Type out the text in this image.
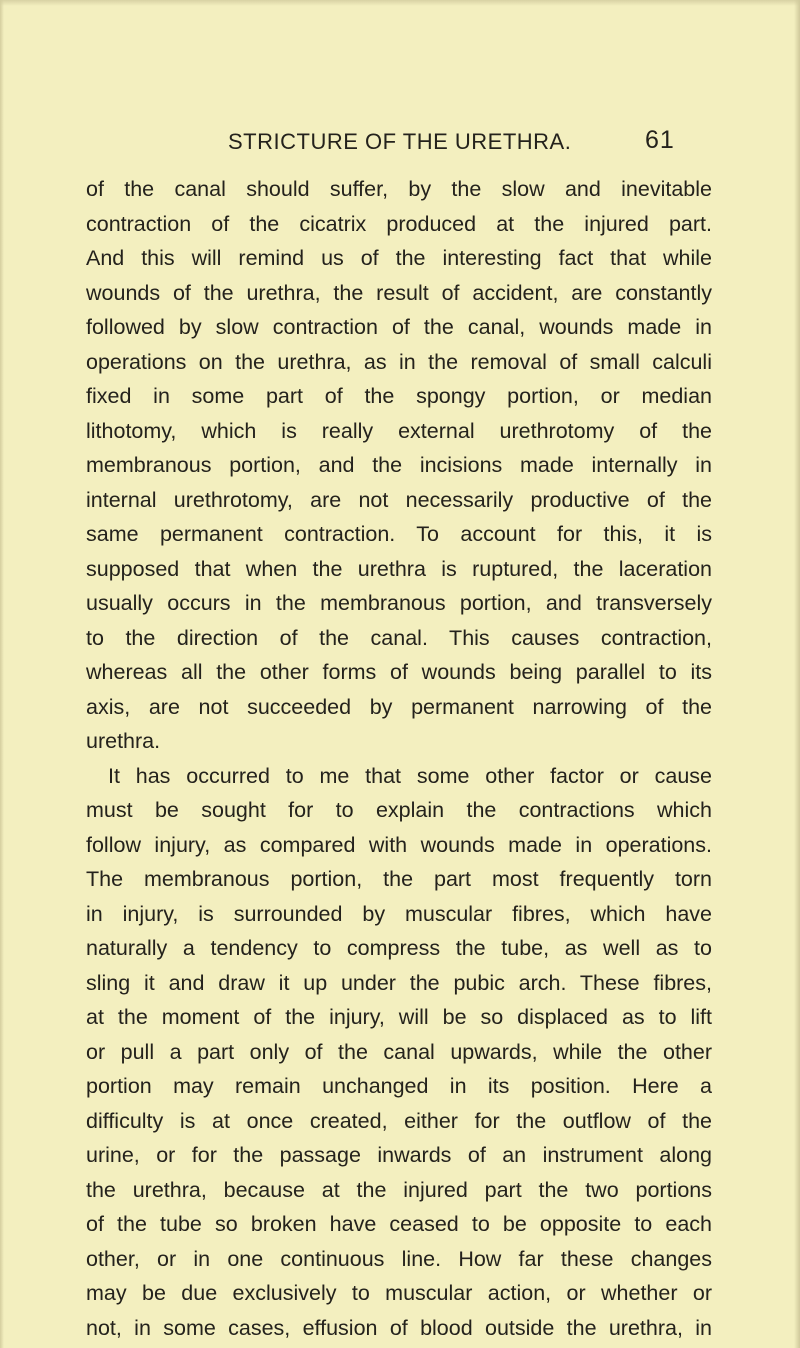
STRICTURE OF THE URETHRA.	61
of the canal should suffer, by the slow and inevitable
contraction of the cicatrix produced at the injured part.
And this will remind us of the interesting fact that while
wounds of the urethra, the result of accident, are constantly
followed by slow contraction of the canal, wounds made in
operations on the urethra, as in the removal of small calculi
fixed in some part of the spongy portion, or median
lithotomy, which is really external urethrotomy of the
membranous portion, and the incisions made internally in
internal urethrotomy, are not necessarily productive of the
same permanent contraction. To account for this, it is
supposed that when the urethra is ruptured, the laceration
usually occurs in the membranous portion, and transversely
to the direction of the canal. This causes contraction,
whereas all the other forms of wounds being parallel to its
axis, are not succeeded by permanent narrowing of the
urethra.
It has occurred to me that some other factor or cause
must be sought for to explain the contractions which
follow injury, as compared with wounds made in operations.
The membranous portion, the part most frequently torn
in injury, is surrounded by muscular fibres, which have
naturally a tendency to compress the tube, as well as to
sling it and draw it up under the pubic arch. These fibres,
at the moment of the injury, will be so displaced as to lift
or pull a part only of the canal upwards, while the other
portion may remain unchanged in its position. Here a
difficulty is at once created, either for the outflow of the
urine, or for the passage inwards of an instrument along
the urethra, because at the injured part the two portions
of the tube so broken have ceased to be opposite to each
other, or in one continuous line. How far these changes
may be due exclusively to muscular action, or whether or
not, in some cases, effusion of blood outside the urethra, in
